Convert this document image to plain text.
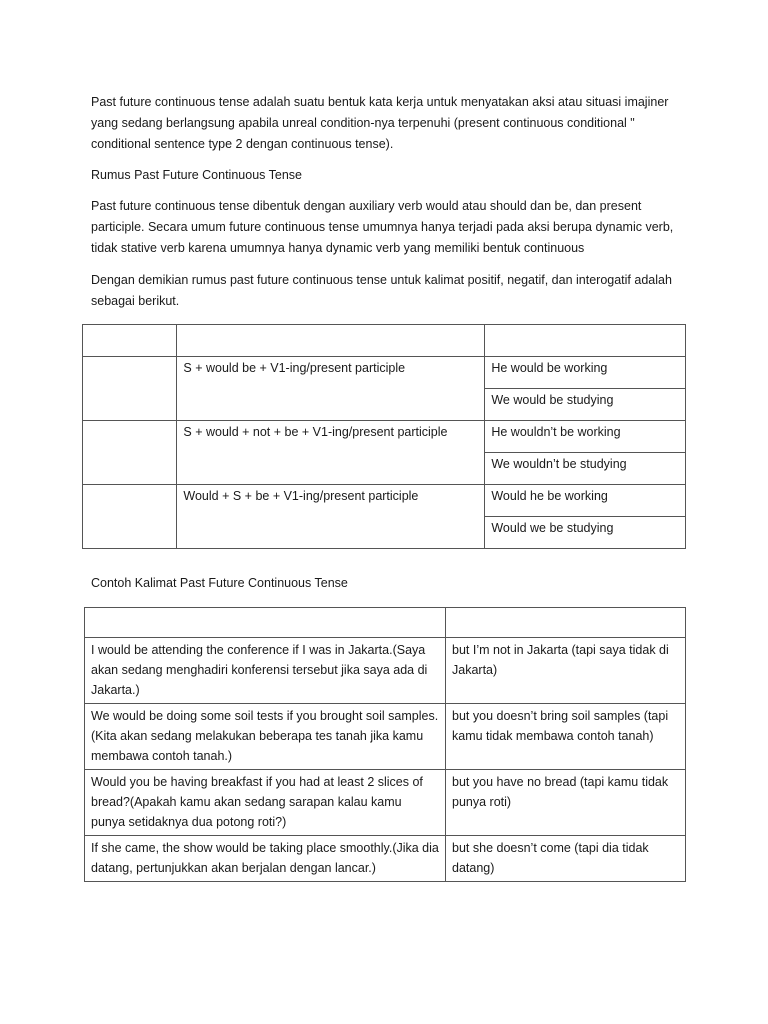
Past future continuous tense adalah suatu bentuk kata kerja untuk menyatakan aksi atau situasi imajiner yang sedang berlangsung apabila unreal condition-nya terpenuhi (present continuous conditional " conditional sentence type 2 dengan continuous tense).

Rumus Past Future Continuous Tense

Past future continuous tense dibentuk dengan auxiliary verb would atau should dan be, dan present participle. Secara umum future continuous tense umumnya hanya terjadi pada aksi berupa dynamic verb, tidak stative verb karena umumnya hanya dynamic verb yang memiliki bentuk continuous

Dengan demikian rumus past future continuous tense untuk kalimat positif, negatif, dan interogatif adalah sebagai berikut.

	S + would be + V1-ing/present participle	He would be working
		We would be studying
	S + would + not + be + V1-ing/present participle	He wouldn’t be working
		We wouldn’t be studying
	Would + S + be + V1-ing/present participle	Would he be working
		Would we be studying

Contoh Kalimat Past Future Continuous Tense

I would be attending the conference if I was in Jakarta.(Saya akan sedang menghadiri konferensi tersebut jika saya ada di Jakarta.)	but I’m not in Jakarta (tapi saya tidak di Jakarta)
We would be doing some soil tests if you brought soil samples.(Kita akan sedang melakukan beberapa tes tanah jika kamu membawa contoh tanah.)	but you doesn’t bring soil samples (tapi kamu tidak membawa contoh tanah)
Would you be having breakfast if you had at least 2 slices of bread?(Apakah kamu akan sedang sarapan kalau kamu punya setidaknya dua potong roti?)	but you have no bread (tapi kamu tidak punya roti)
If she came, the show would be taking place smoothly.(Jika dia datang, pertunjukkan akan berjalan dengan lancar.)	but she doesn’t come (tapi dia tidak datang)
